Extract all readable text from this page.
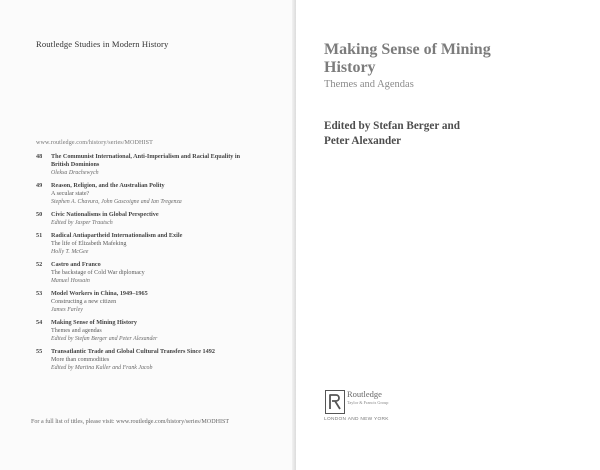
Routledge Studies in Modern History
www.routledge.com/history/series/MODHIST
48	The Communist International, Anti-Imperialism and Racial Equality in
British Dominions
Oleksa Drachewych
49	Reason, Religion, and the Australian Polity
A secular state?
Stephen A. Chavura, John Gascoigne and Ian Tregenza
50	Civic Nationalisms in Global Perspective
Edited by Jasper Trautsch
51	Radical Antiapartheid Internationalism and Exile
The life of Elizabeth Mafeking
Holly T. McGee
52	Castro and Franco
The backstage of Cold War diplomacy
Manuel Hossain
53	Model Workers in China, 1949–1965
Constructing a new citizen
James Farley
54	Making Sense of Mining History
Themes and agendas
Edited by Stefan Berger and Peter Alexander
55	Transatlantic Trade and Global Cultural Transfers Since 1492
More than commodities
Edited by Martina Kaller and Frank Jacob
For a full list of titles, please visit: www.routledge.com/history/series/MODHIST
Making Sense of Mining
History
Themes and Agendas
Edited by Stefan Berger and
Peter Alexander
Routledge
Taylor & Francis Group
LONDON AND NEW YORK
